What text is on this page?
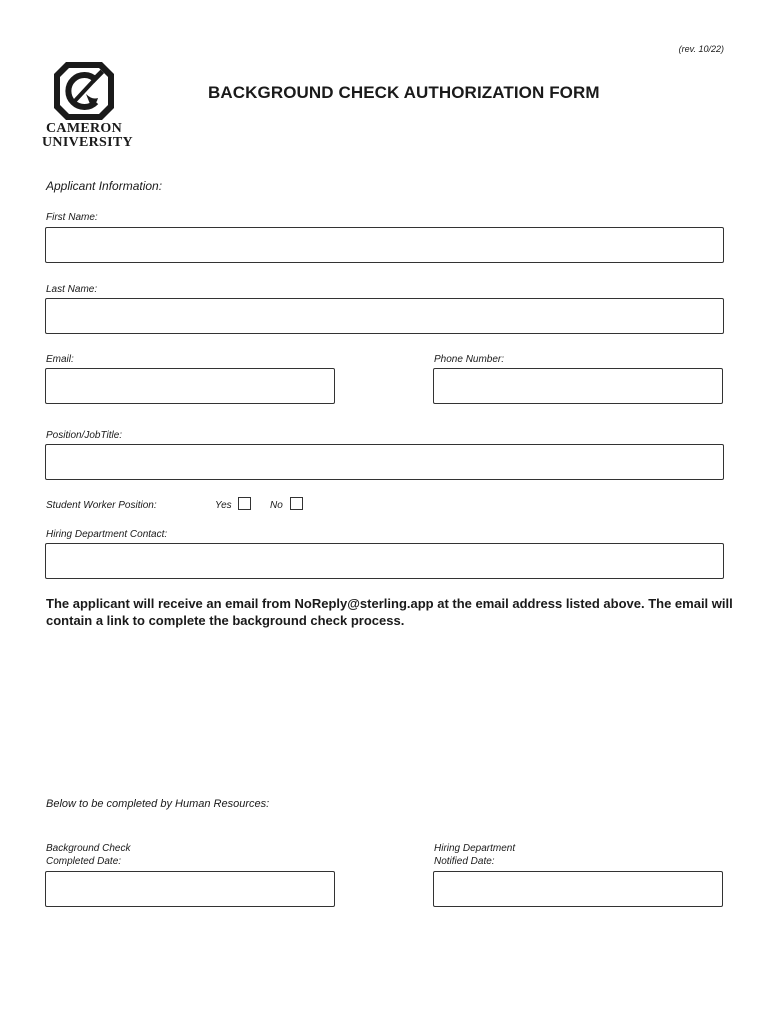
(rev. 10/22)
CAMERON
UNIVERSITY
BACKGROUND CHECK AUTHORIZATION FORM
Applicant Information:
First Name:
Last Name:
Email:	Phone Number:
Position/JobTitle:
Student Worker Position:	Yes	No
Hiring Department Contact:
The applicant will receive an email from NoReply@sterling.app at the email address listed above. The email will contain a link to complete the background check process.
Below to be completed by Human Resources:
Background Check
Completed Date:
Hiring Department
Notified Date:
